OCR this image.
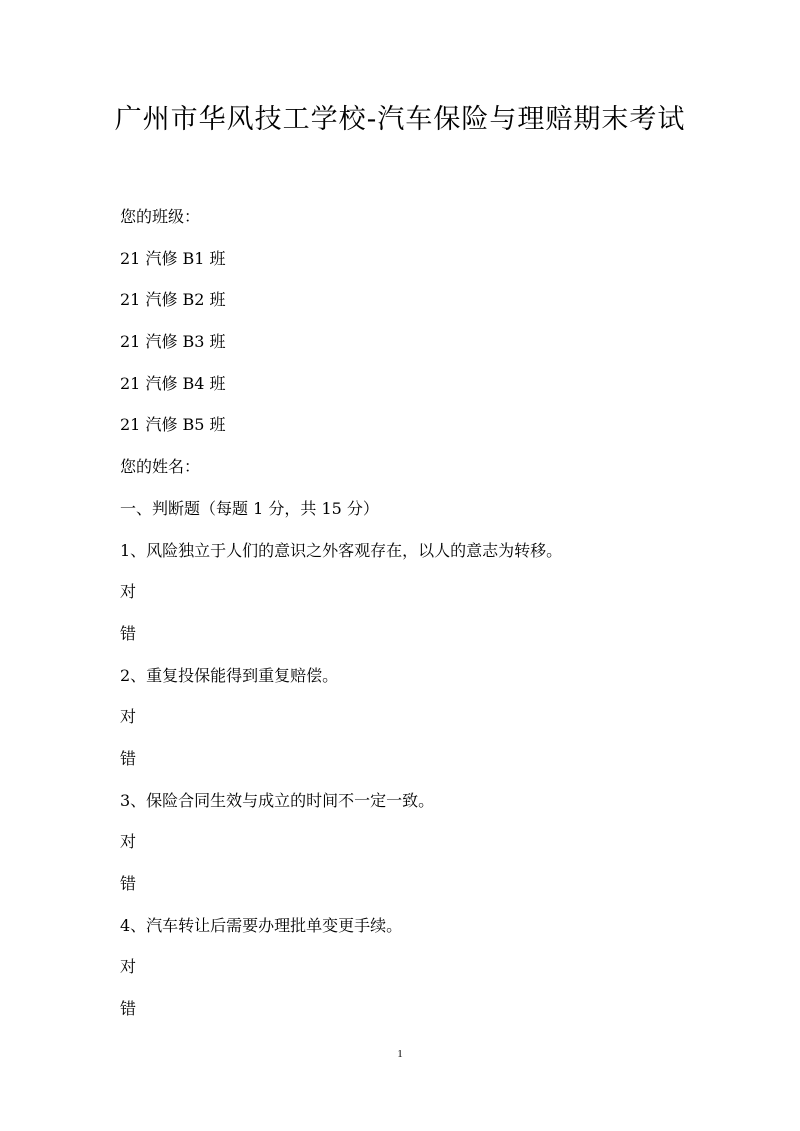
广州市华风技工学校-汽车保险与理赔期末考试
您的班级：
21 汽修 B1 班
21 汽修 B2 班
21 汽修 B3 班
21 汽修 B4 班
21 汽修 B5 班
您的姓名：
一、判断题（每题 1 分，共 15 分）
1、风险独立于人们的意识之外客观存在，以人的意志为转移。
对
错
2、重复投保能得到重复赔偿。
对
错
3、保险合同生效与成立的时间不一定一致。
对
错
4、汽车转让后需要办理批单变更手续。
对
错
1
